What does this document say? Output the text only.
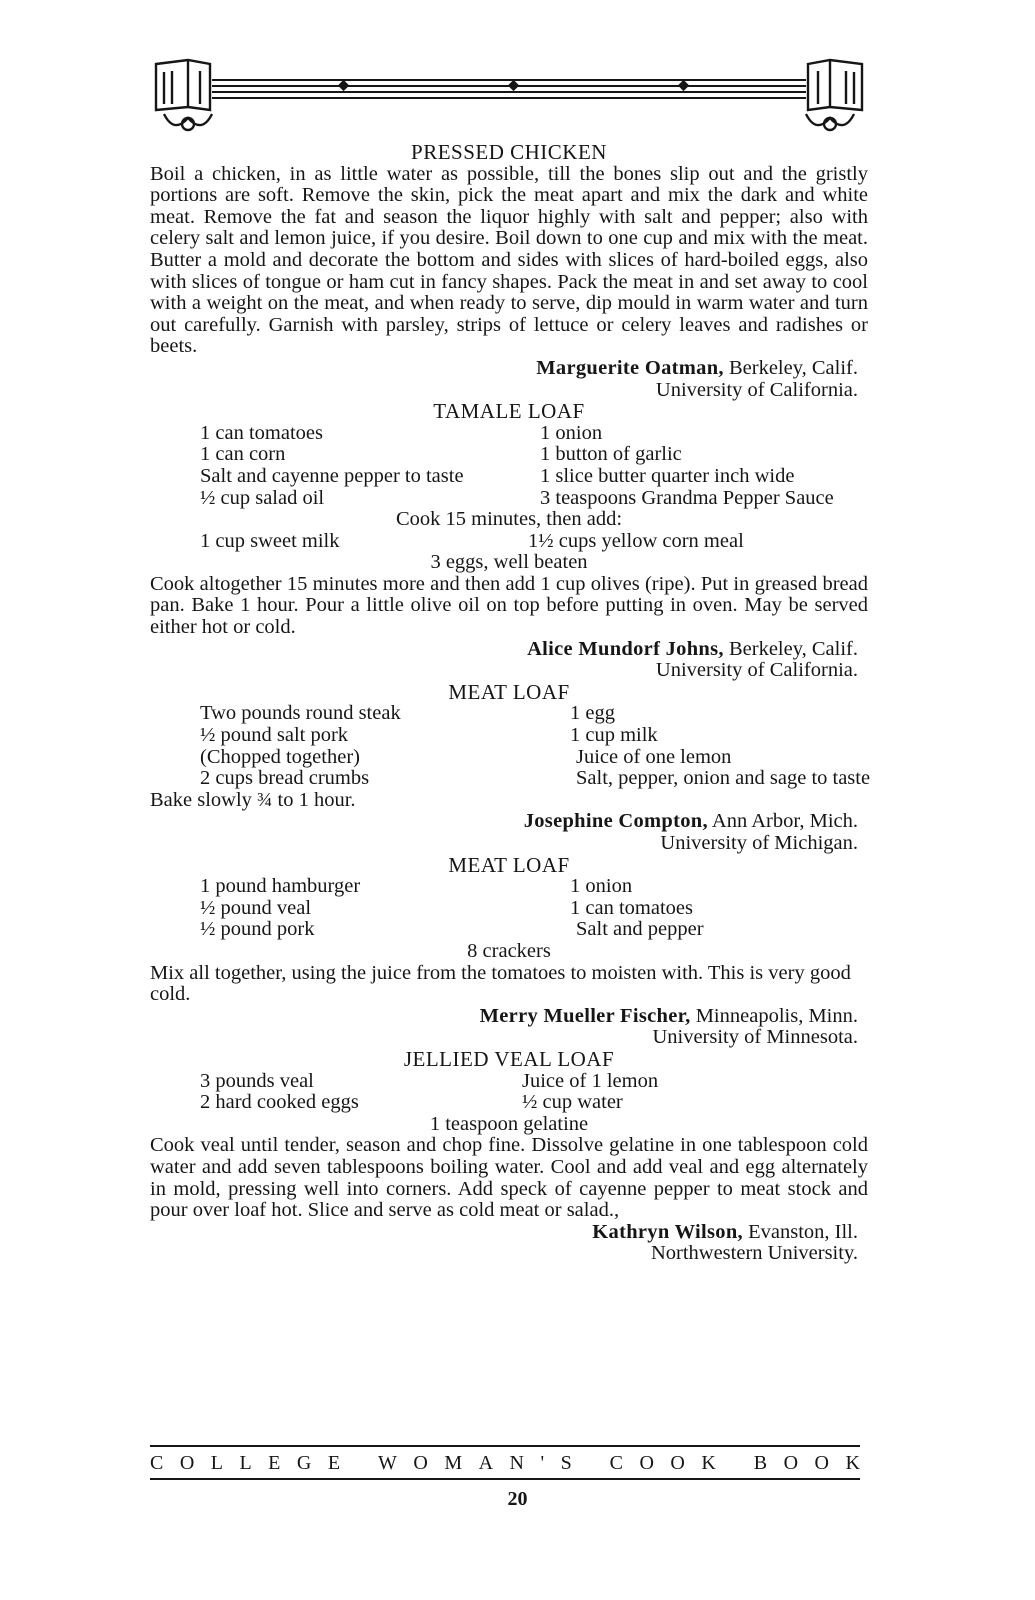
PRESSED CHICKEN
Boil a chicken, in as little water as possible, till the bones slip out and the gristly portions are soft. Remove the skin, pick the meat apart and mix the dark and white meat. Remove the fat and season the liquor highly with salt and pepper; also with celery salt and lemon juice, if you desire. Boil down to one cup and mix with the meat. Butter a mold and decorate the bottom and sides with slices of hard-boiled eggs, also with slices of tongue or ham cut in fancy shapes. Pack the meat in and set away to cool with a weight on the meat, and when ready to serve, dip mould in warm water and turn out carefully. Garnish with parsley, strips of lettuce or celery leaves and radishes or beets.
Marguerite Oatman, Berkeley, Calif.
University of California.
TAMALE LOAF
1 can tomatoes
1 can corn
Salt and cayenne pepper to taste
½ cup salad oil
1 onion
1 button of garlic
1 slice butter quarter inch wide
3 teaspoons Grandma Pepper Sauce
Cook 15 minutes, then add:
1 cup sweet milk	1½ cups yellow corn meal
3 eggs, well beaten
Cook altogether 15 minutes more and then add 1 cup olives (ripe). Put in greased bread pan. Bake 1 hour. Pour a little olive oil on top before putting in oven. May be served either hot or cold.
Alice Mundorf Johns, Berkeley, Calif.
University of California.
MEAT LOAF
Two pounds round steak
½ pound salt pork
(Chopped together)
2 cups bread crumbs
1 egg
1 cup milk
Juice of one lemon
Salt, pepper, onion and sage to taste
Bake slowly ¾ to 1 hour.
Josephine Compton, Ann Arbor, Mich.
University of Michigan.
MEAT LOAF
1 pound hamburger
½ pound veal
½ pound pork
1 onion
1 can tomatoes
Salt and pepper
8 crackers
Mix all together, using the juice from the tomatoes to moisten with. This is very good cold.
Merry Mueller Fischer, Minneapolis, Minn.
University of Minnesota.
JELLIED VEAL LOAF
3 pounds veal
2 hard cooked eggs
Juice of 1 lemon
½ cup water
1 teaspoon gelatine
Cook veal until tender, season and chop fine. Dissolve gelatine in one tablespoon cold water and add seven tablespoons boiling water. Cool and add veal and egg alternately in mold, pressing well into corners. Add speck of cayenne pepper to meat stock and pour over loaf hot. Slice and serve as cold meat or salad.,
Kathryn Wilson, Evanston, Ill.
Northwestern University.
C O L L E G E
W O M A N ' S
C O O K
B O O K
20
